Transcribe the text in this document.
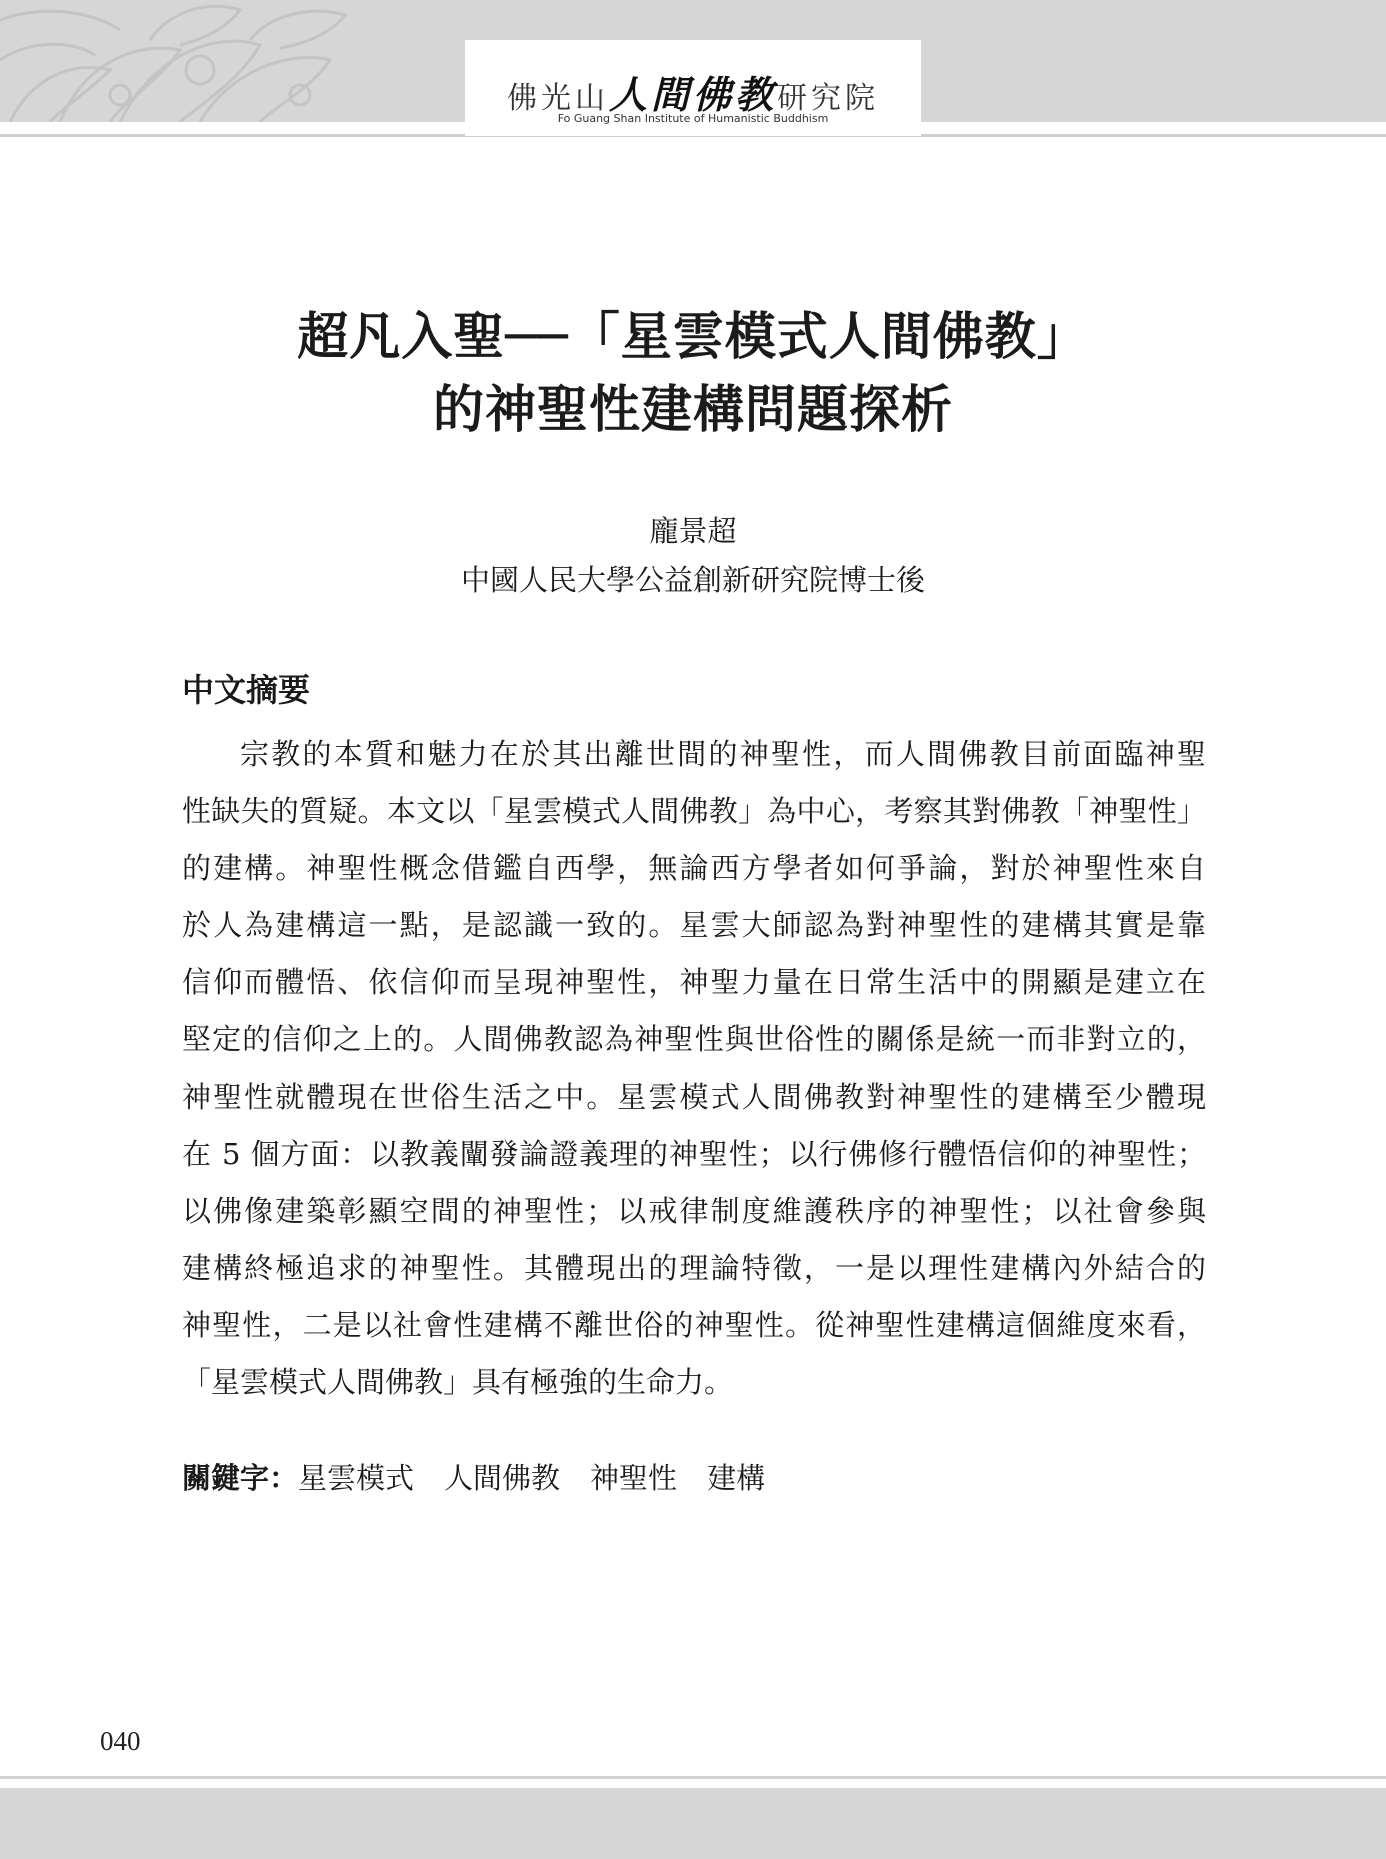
佛光山人間佛教研究院
Fo Guang Shan Institute of Humanistic Buddhism
超凡入聖──「星雲模式人間佛教」
的神聖性建構問題探析
龐景超
中國人民大學公益創新研究院博士後
中文摘要
宗教的本質和魅力在於其出離世間的神聖性，而人間佛教目前面臨神聖
性缺失的質疑。本文以「星雲模式人間佛教」為中心，考察其對佛教「神聖性」
的建構。神聖性概念借鑑自西學，無論西方學者如何爭論，對於神聖性來自
於人為建構這一點，是認識一致的。星雲大師認為對神聖性的建構其實是靠
信仰而體悟、依信仰而呈現神聖性，神聖力量在日常生活中的開顯是建立在
堅定的信仰之上的。人間佛教認為神聖性與世俗性的關係是統一而非對立的，
神聖性就體現在世俗生活之中。星雲模式人間佛教對神聖性的建構至少體現
在 5 個方面：以教義闡發論證義理的神聖性；以行佛修行體悟信仰的神聖性；
以佛像建築彰顯空間的神聖性；以戒律制度維護秩序的神聖性；以社會參與
建構終極追求的神聖性。其體現出的理論特徵，一是以理性建構內外結合的
神聖性，二是以社會性建構不離世俗的神聖性。從神聖性建構這個維度來看，
「星雲模式人間佛教」具有極強的生命力。
關鍵字：星雲模式 人間佛教 神聖性 建構
040
